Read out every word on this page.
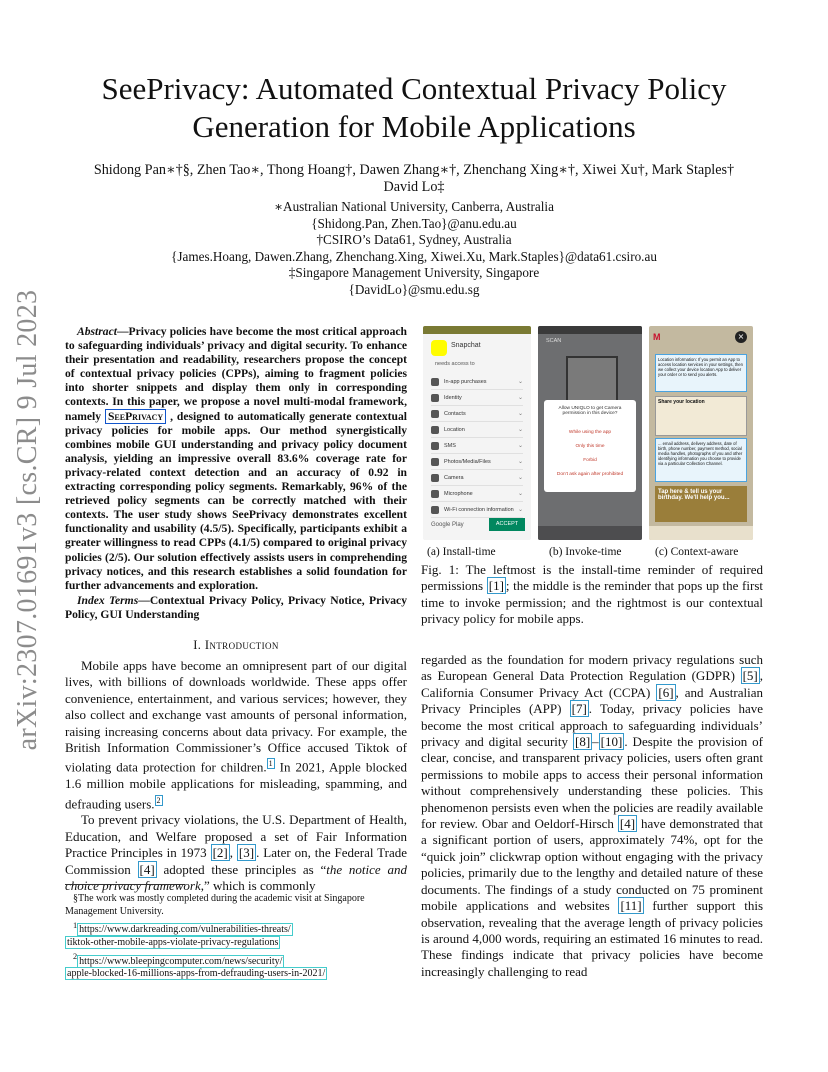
arXiv:2307.01691v3 [cs.CR] 9 Jul 2023
SeePrivacy: Automated Contextual Privacy Policy
Generation for Mobile Applications
Shidong Pan∗†§, Zhen Tao∗, Thong Hoang†, Dawen Zhang∗†, Zhenchang Xing∗†, Xiwei Xu†, Mark Staples†
David Lo‡
∗Australian National University, Canberra, Australia
{Shidong.Pan, Zhen.Tao}@anu.edu.au
†CSIRO’s Data61, Sydney, Australia
{James.Hoang, Dawen.Zhang, Zhenchang.Xing, Xiwei.Xu, Mark.Staples}@data61.csiro.au
‡Singapore Management University, Singapore
{DavidLo}@smu.edu.sg
Abstract—Privacy policies have become the most critical approach to safeguarding individuals’ privacy and digital security. To enhance their presentation and readability, researchers propose the concept of contextual privacy policies (CPPs), aiming to fragment policies into shorter snippets and display them only in corresponding contexts. In this paper, we propose a novel multi-modal framework, namely SeePrivacy , designed to automatically generate contextual privacy policies for mobile apps. Our method synergistically combines mobile GUI understanding and privacy policy document analysis, yielding an impressive overall 83.6% coverage rate for privacy-related context detection and an accuracy of 0.92 in extracting corresponding policy segments. Remarkably, 96% of the retrieved policy segments can be correctly matched with their contexts. The user study shows SeePrivacy demonstrates excellent functionality and usability (4.5/5). Specifically, participants exhibit a greater willingness to read CPPs (4.1/5) compared to original privacy policies (2/5). Our solution effectively assists users in comprehending privacy notices, and this research establishes a solid foundation for further advancements and exploration.
Index Terms—Contextual Privacy Policy, Privacy Notice, Privacy Policy, GUI Understanding
I. Introduction
Mobile apps have become an omnipresent part of our digital lives, with billions of downloads worldwide. These apps offer convenience, entertainment, and various services; however, they also collect and exchange vast amounts of personal information, raising increasing concerns about data privacy. For example, the British Information Commissioner’s Office accused Tiktok of violating data protection for children. $^1$ In 2021, Apple blocked 1.6 million mobile applications for misleading, spamming, and defrauding users. $^2$
To prevent privacy violations, the U.S. Department of Health, Education, and Welfare proposed a set of Fair Information Practice Principles in 1973 [2] , [3] . Later on, the Federal Trade Commission [4] adopted these principles as “the notice and choice privacy framework,” which is commonly
§The work was mostly completed during the academic visit at Singapore Management University.
$^1$ https://www.darkreading.com/vulnerabilities-threats/
tiktok-other-mobile-apps-violate-privacy-regulations
$^2$ https://www.bleepingcomputer.com/news/security/
apple-blocked-16-millions-apps-from-defrauding-users-in-2021/
Snapchat
needs access to
In-app purchases	⌄
Identity	⌄
Contacts	⌄
Location	⌄
SMS	⌄
Photos/Media/Files	⌄
Camera	⌄
Microphone	⌄
Wi-Fi connection information ⌄
Google Play	ACCEPT
SCAN
Allow UNIQLO to get Camera
permission in this device?
While using the app
Only this time
Forbid
Don't ask again after prohibited
M	×
Location information: If you permit an App to access location services in your settings, then we collect your device location App to deliver your order or to send you alerts.
Share your location
... email address, delivery address, date of birth, phone number, payment method, social media handles, photographs of you and other identifying information you choose to provide via a particular Collection Channel.
Tap here & tell us your birthday. We'll help you...
(a) Install-time	(b) Invoke-time	(c) Context-aware
Fig. 1: The leftmost is the install-time reminder of required permissions [1] ; the middle is the reminder that pops up the first time to invoke permission; and the rightmost is our contextual privacy policy for mobile apps.
regarded as the foundation for modern privacy regulations such as European General Data Protection Regulation (GDPR) [5] , California Consumer Privacy Act (CCPA) [6] , and Australian Privacy Principles (APP) [7] . Today, privacy policies have become the most critical approach to safeguarding individuals’ privacy and digital security [8] – [10] . Despite the provision of clear, concise, and transparent privacy policies, users often grant permissions to mobile apps to access their personal information without comprehensively understanding these policies. This phenomenon persists even when the policies are readily available for review. Obar and Oeldorf-Hirsch [4] have demonstrated that a significant portion of users, approximately 74%, opt for the “quick join” clickwrap option without engaging with the privacy policies, primarily due to the lengthy and detailed nature of these documents. The findings of a study conducted on 75 prominent mobile applications and websites [11] further support this observation, revealing that the average length of privacy policies is around 4,000 words, requiring an estimated 16 minutes to read. These findings indicate that privacy policies have become increasingly challenging to read
